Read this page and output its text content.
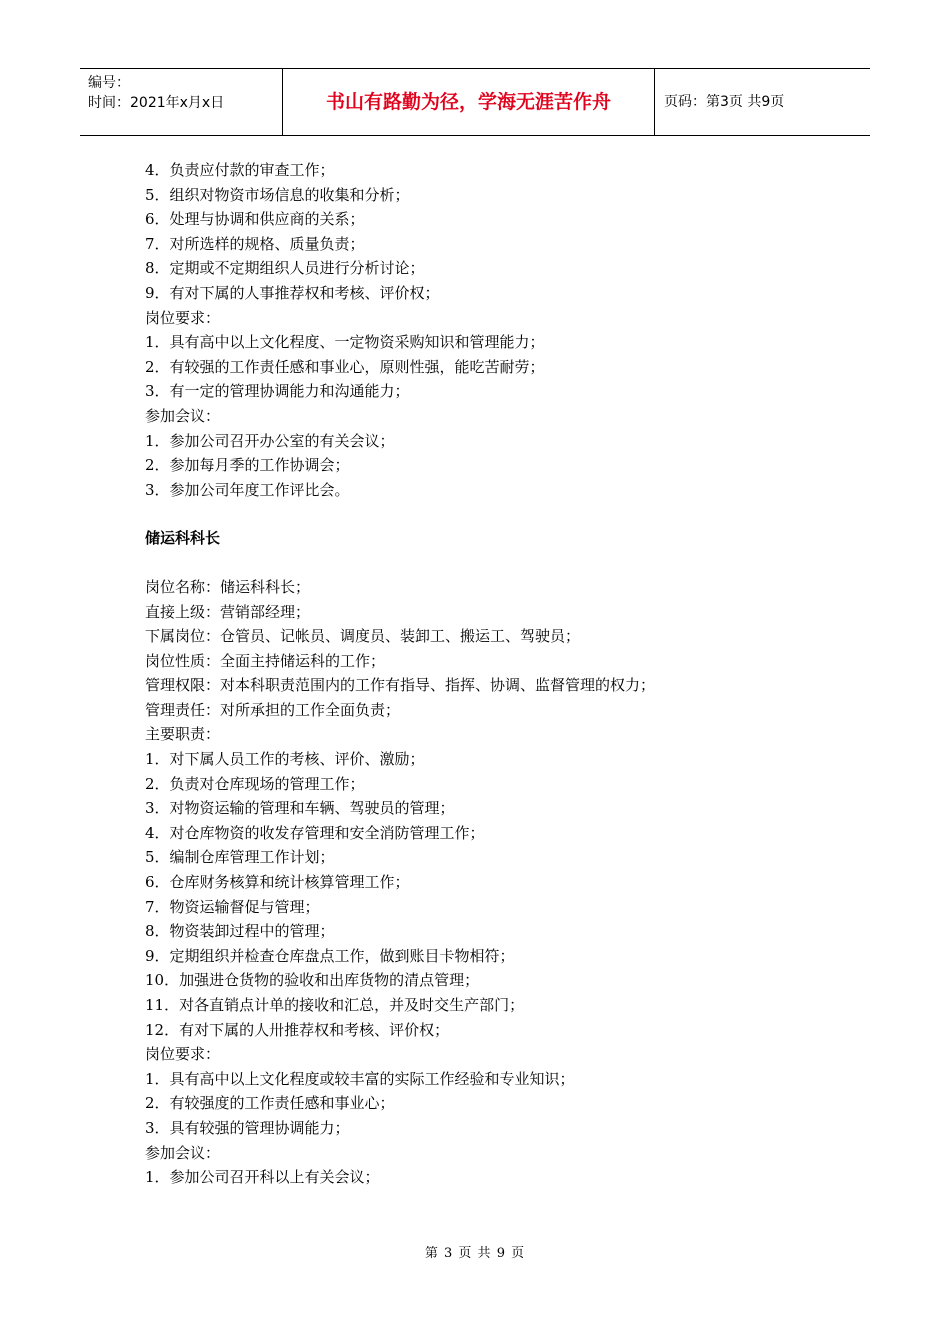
编号：
时间：2021年x月x日	书山有路勤为径，学海无涯苦作舟	页码：第3页 共9页
4．负责应付款的审查工作；
5．组织对物资市场信息的收集和分析；
6．处理与协调和供应商的关系；
7．对所选样的规格、质量负责；
8．定期或不定期组织人员进行分析讨论；
9．有对下属的人事推荐权和考核、评价权；
岗位要求：
1．具有高中以上文化程度、一定物资采购知识和管理能力；
2．有较强的工作责任感和事业心，原则性强，能吃苦耐劳；
3．有一定的管理协调能力和沟通能力；
参加会议：
1．参加公司召开办公室的有关会议；
2．参加每月季的工作协调会；
3．参加公司年度工作评比会。
储运科科长
岗位名称：储运科科长；
直接上级：营销部经理；
下属岗位：仓管员、记帐员、调度员、装卸工、搬运工、驾驶员；
岗位性质：全面主持储运科的工作；
管理权限：对本科职责范围内的工作有指导、指挥、协调、监督管理的权力；
管理责任：对所承担的工作全面负责；
主要职责：
1．对下属人员工作的考核、评价、激励；
2．负责对仓库现场的管理工作；
3．对物资运输的管理和车辆、驾驶员的管理；
4．对仓库物资的收发存管理和安全消防管理工作；
5．编制仓库管理工作计划；
6．仓库财务核算和统计核算管理工作；
7．物资运输督促与管理；
8．物资装卸过程中的管理；
9．定期组织并检查仓库盘点工作，做到账目卡物相符；
10．加强进仓货物的验收和出库货物的清点管理；
11．对各直销点计单的接收和汇总，并及时交生产部门；
12．有对下属的人卅推荐权和考核、评价权；
岗位要求：
1．具有高中以上文化程度或较丰富的实际工作经验和专业知识；
2．有较强度的工作责任感和事业心；
3．具有较强的管理协调能力；
参加会议：
1．参加公司召开科以上有关会议；
第 3 页 共 9 页
